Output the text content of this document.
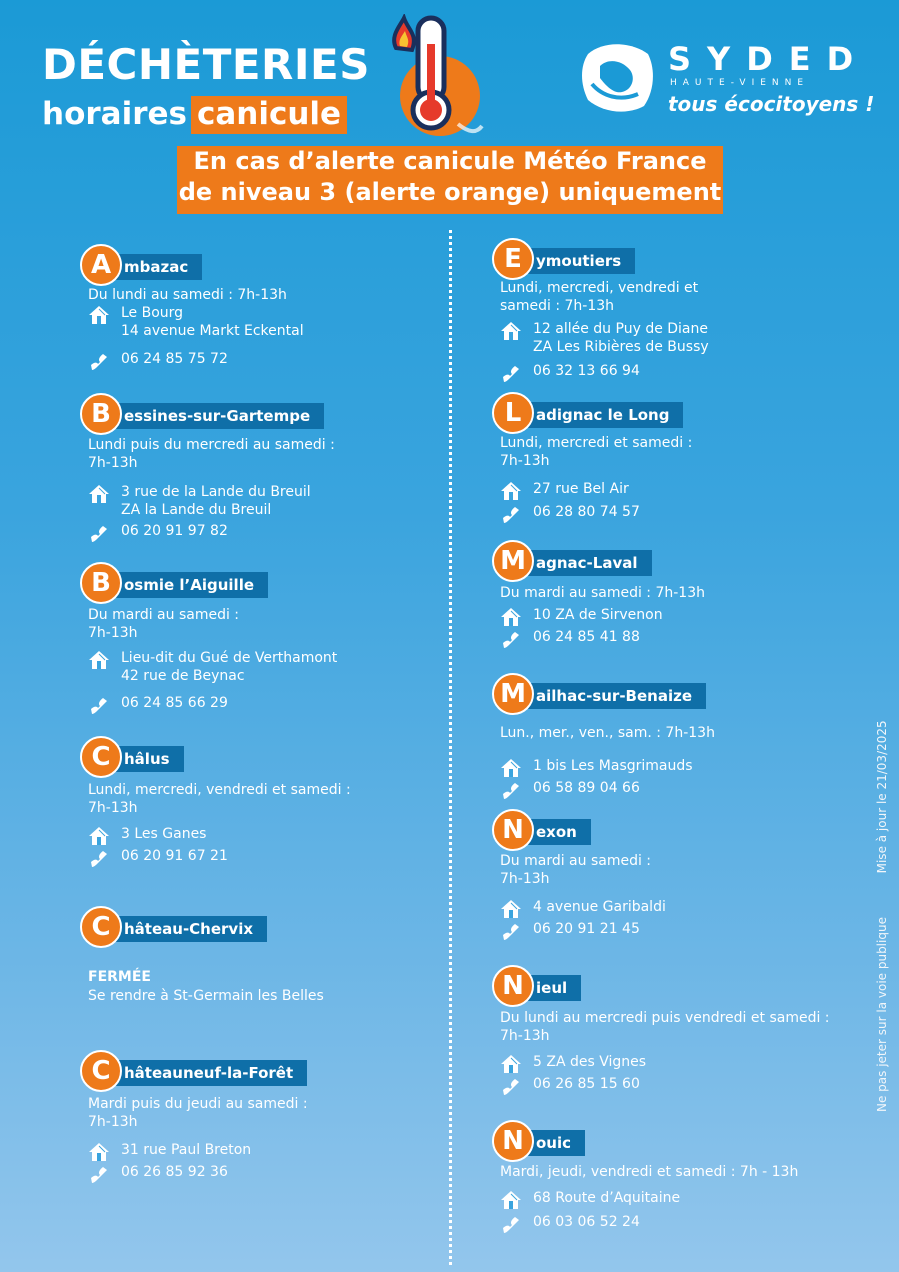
DÉCHÈTERIES
horaires canicule
SYDED
HAUTE-VIENNE
tous écocitoyens !
En cas d’alerte canicule Météo France
de niveau 3 (alerte orange) uniquement
mbazac
A
Du lundi au samedi : 7h-13h
Le Bourg
14 avenue Markt Eckental
06 24 85 75 72
essines-sur-Gartempe
B
Lundi puis du mercredi au samedi :
7h-13h
3 rue de la Lande du Breuil
ZA la Lande du Breuil
06 20 91 97 82
osmie l’Aiguille
B
Du mardi au samedi :
7h-13h
Lieu-dit du Gué de Verthamont
42 rue de Beynac
06 24 85 66 29
hâlus
C
Lundi, mercredi, vendredi et samedi :
7h-13h
3 Les Ganes
06 20 91 67 21
hâteau-Chervix
C
FERMÉE
Se rendre à St-Germain les Belles
hâteauneuf-la-Forêt
C
Mardi puis du jeudi au samedi :
7h-13h
31 rue Paul Breton
06 26 85 92 36
ymoutiers
E
Lundi, mercredi, vendredi et
samedi : 7h-13h
12 allée du Puy de Diane
ZA Les Ribières de Bussy
06 32 13 66 94
adignac le Long
L
Lundi, mercredi et samedi :
7h-13h
27 rue Bel Air
06 28 80 74 57
agnac-Laval
M
Du mardi au samedi : 7h-13h
10 ZA de Sirvenon
06 24 85 41 88
ailhac-sur-Benaize
M
Lun., mer., ven., sam. : 7h-13h
1 bis Les Masgrimauds
06 58 89 04 66
exon
N
Du mardi au samedi :
7h-13h
4 avenue Garibaldi
06 20 91 21 45
ieul
N
Du lundi au mercredi puis vendredi et samedi :
7h-13h
5 ZA des Vignes
06 26 85 15 60
ouic
N
Mardi, jeudi, vendredi et samedi : 7h - 13h
68 Route d’Aquitaine
06 03 06 52 24
Ne pas jeter sur la voie publique  Mise à jour le 21/03/2025
